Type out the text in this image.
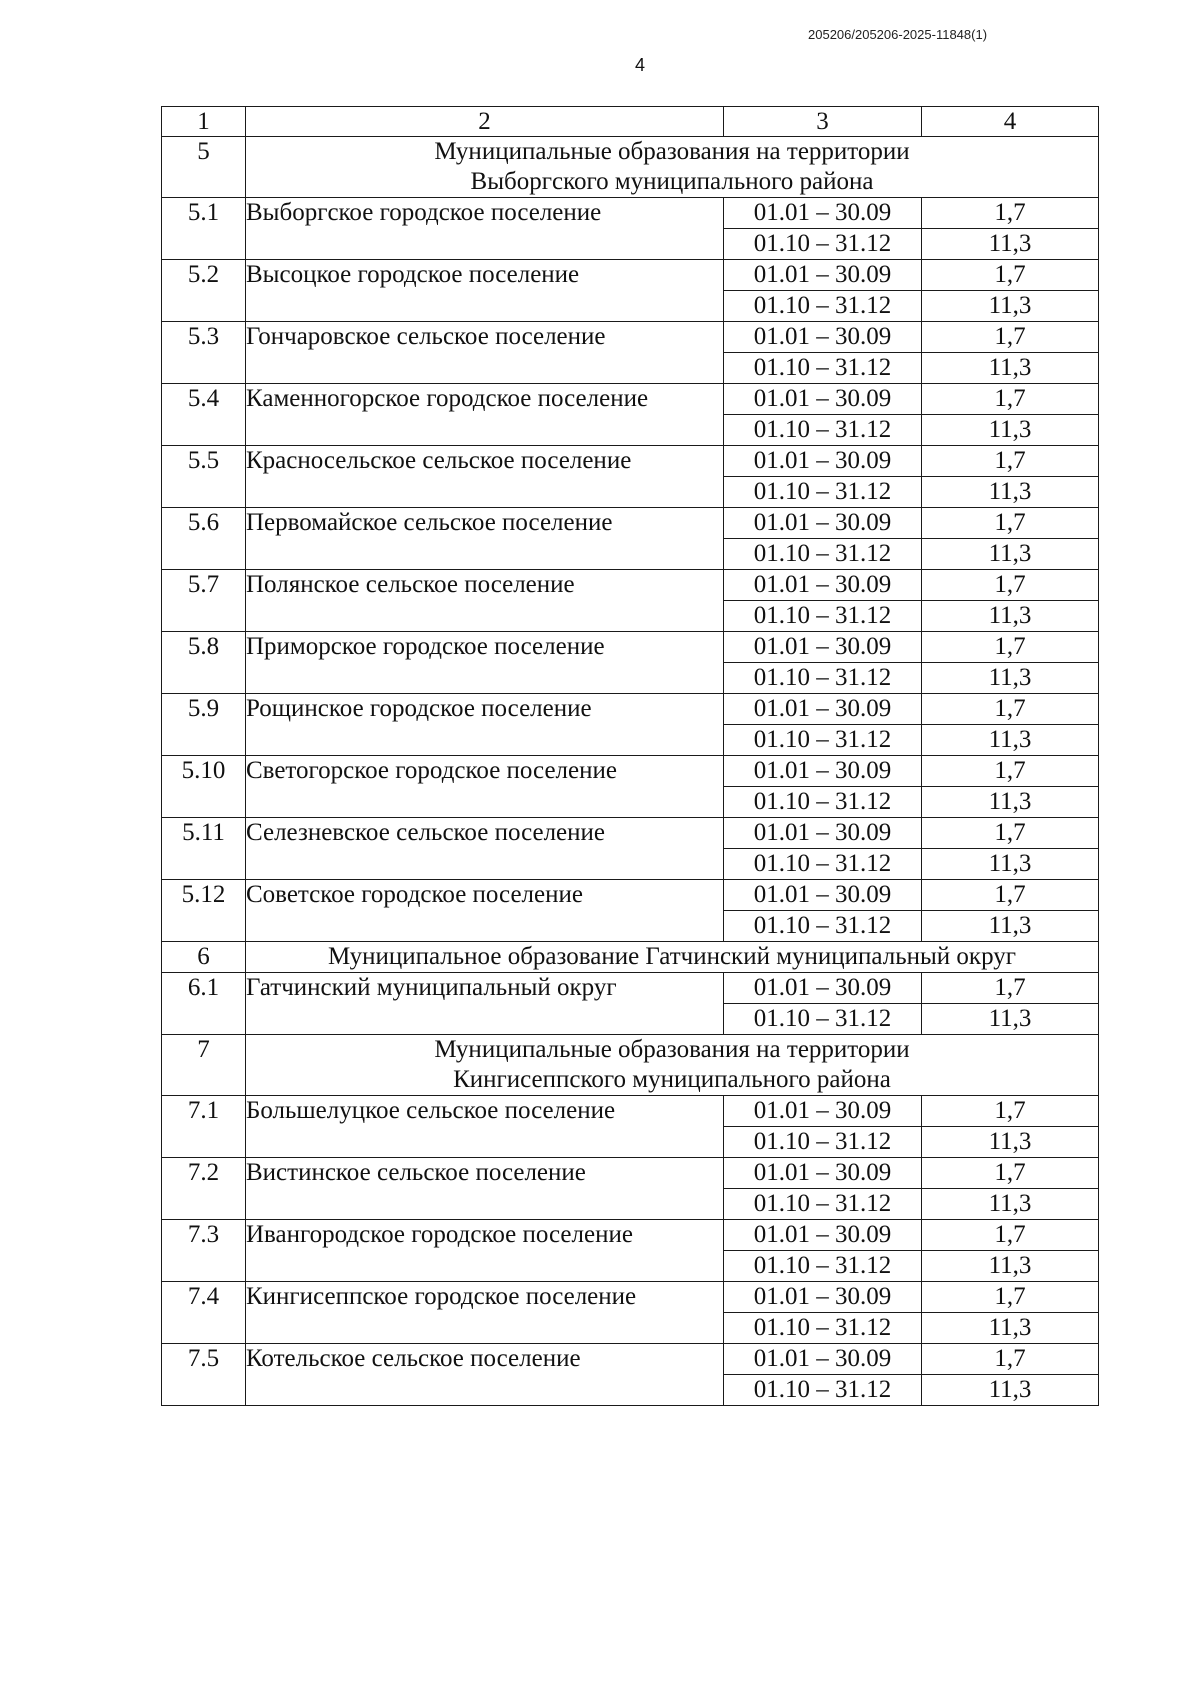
205206/205206-2025-11848(1)
4
1	2	3	4
5	Муниципальные образования на территории
Выборгского муниципального района		

5.1	Выборгское городское поселение	01.01 – 30.09	1,7
		01.10 – 31.12	11,3
5.2	Высоцкое городское поселение	01.01 – 30.09	1,7
		01.10 – 31.12	11,3
5.3	Гончаровское сельское поселение	01.01 – 30.09	1,7
		01.10 – 31.12	11,3
5.4	Каменногорское городское поселение	01.01 – 30.09	1,7
		01.10 – 31.12	11,3
5.5	Красносельское сельское поселение	01.01 – 30.09	1,7
		01.10 – 31.12	11,3
5.6	Первомайское сельское поселение	01.01 – 30.09	1,7
		01.10 – 31.12	11,3
5.7	Полянское сельское поселение	01.01 – 30.09	1,7
		01.10 – 31.12	11,3
5.8	Приморское городское поселение	01.01 – 30.09	1,7
		01.10 – 31.12	11,3
5.9	Рощинское городское поселение	01.01 – 30.09	1,7
		01.10 – 31.12	11,3
5.10	Светогорское городское поселение	01.01 – 30.09	1,7
		01.10 – 31.12	11,3
5.11	Селезневское сельское поселение	01.01 – 30.09	1,7
		01.10 – 31.12	11,3
5.12	Советское городское поселение	01.01 – 30.09	1,7
		01.10 – 31.12	11,3
6	Муниципальное образование Гатчинский муниципальный округ		

6.1	Гатчинский муниципальный округ	01.01 – 30.09	1,7
		01.10 – 31.12	11,3
7	Муниципальные образования на территории
Кингисеппского муниципального района		

7.1	Большелуцкое сельское поселение	01.01 – 30.09	1,7
		01.10 – 31.12	11,3
7.2	Вистинское сельское поселение	01.01 – 30.09	1,7
		01.10 – 31.12	11,3
7.3	Ивангородское городское поселение	01.01 – 30.09	1,7
		01.10 – 31.12	11,3
7.4	Кингисеппское городское поселение	01.01 – 30.09	1,7
		01.10 – 31.12	11,3
7.5	Котельское сельское поселение	01.01 – 30.09	1,7
		01.10 – 31.12	11,3
